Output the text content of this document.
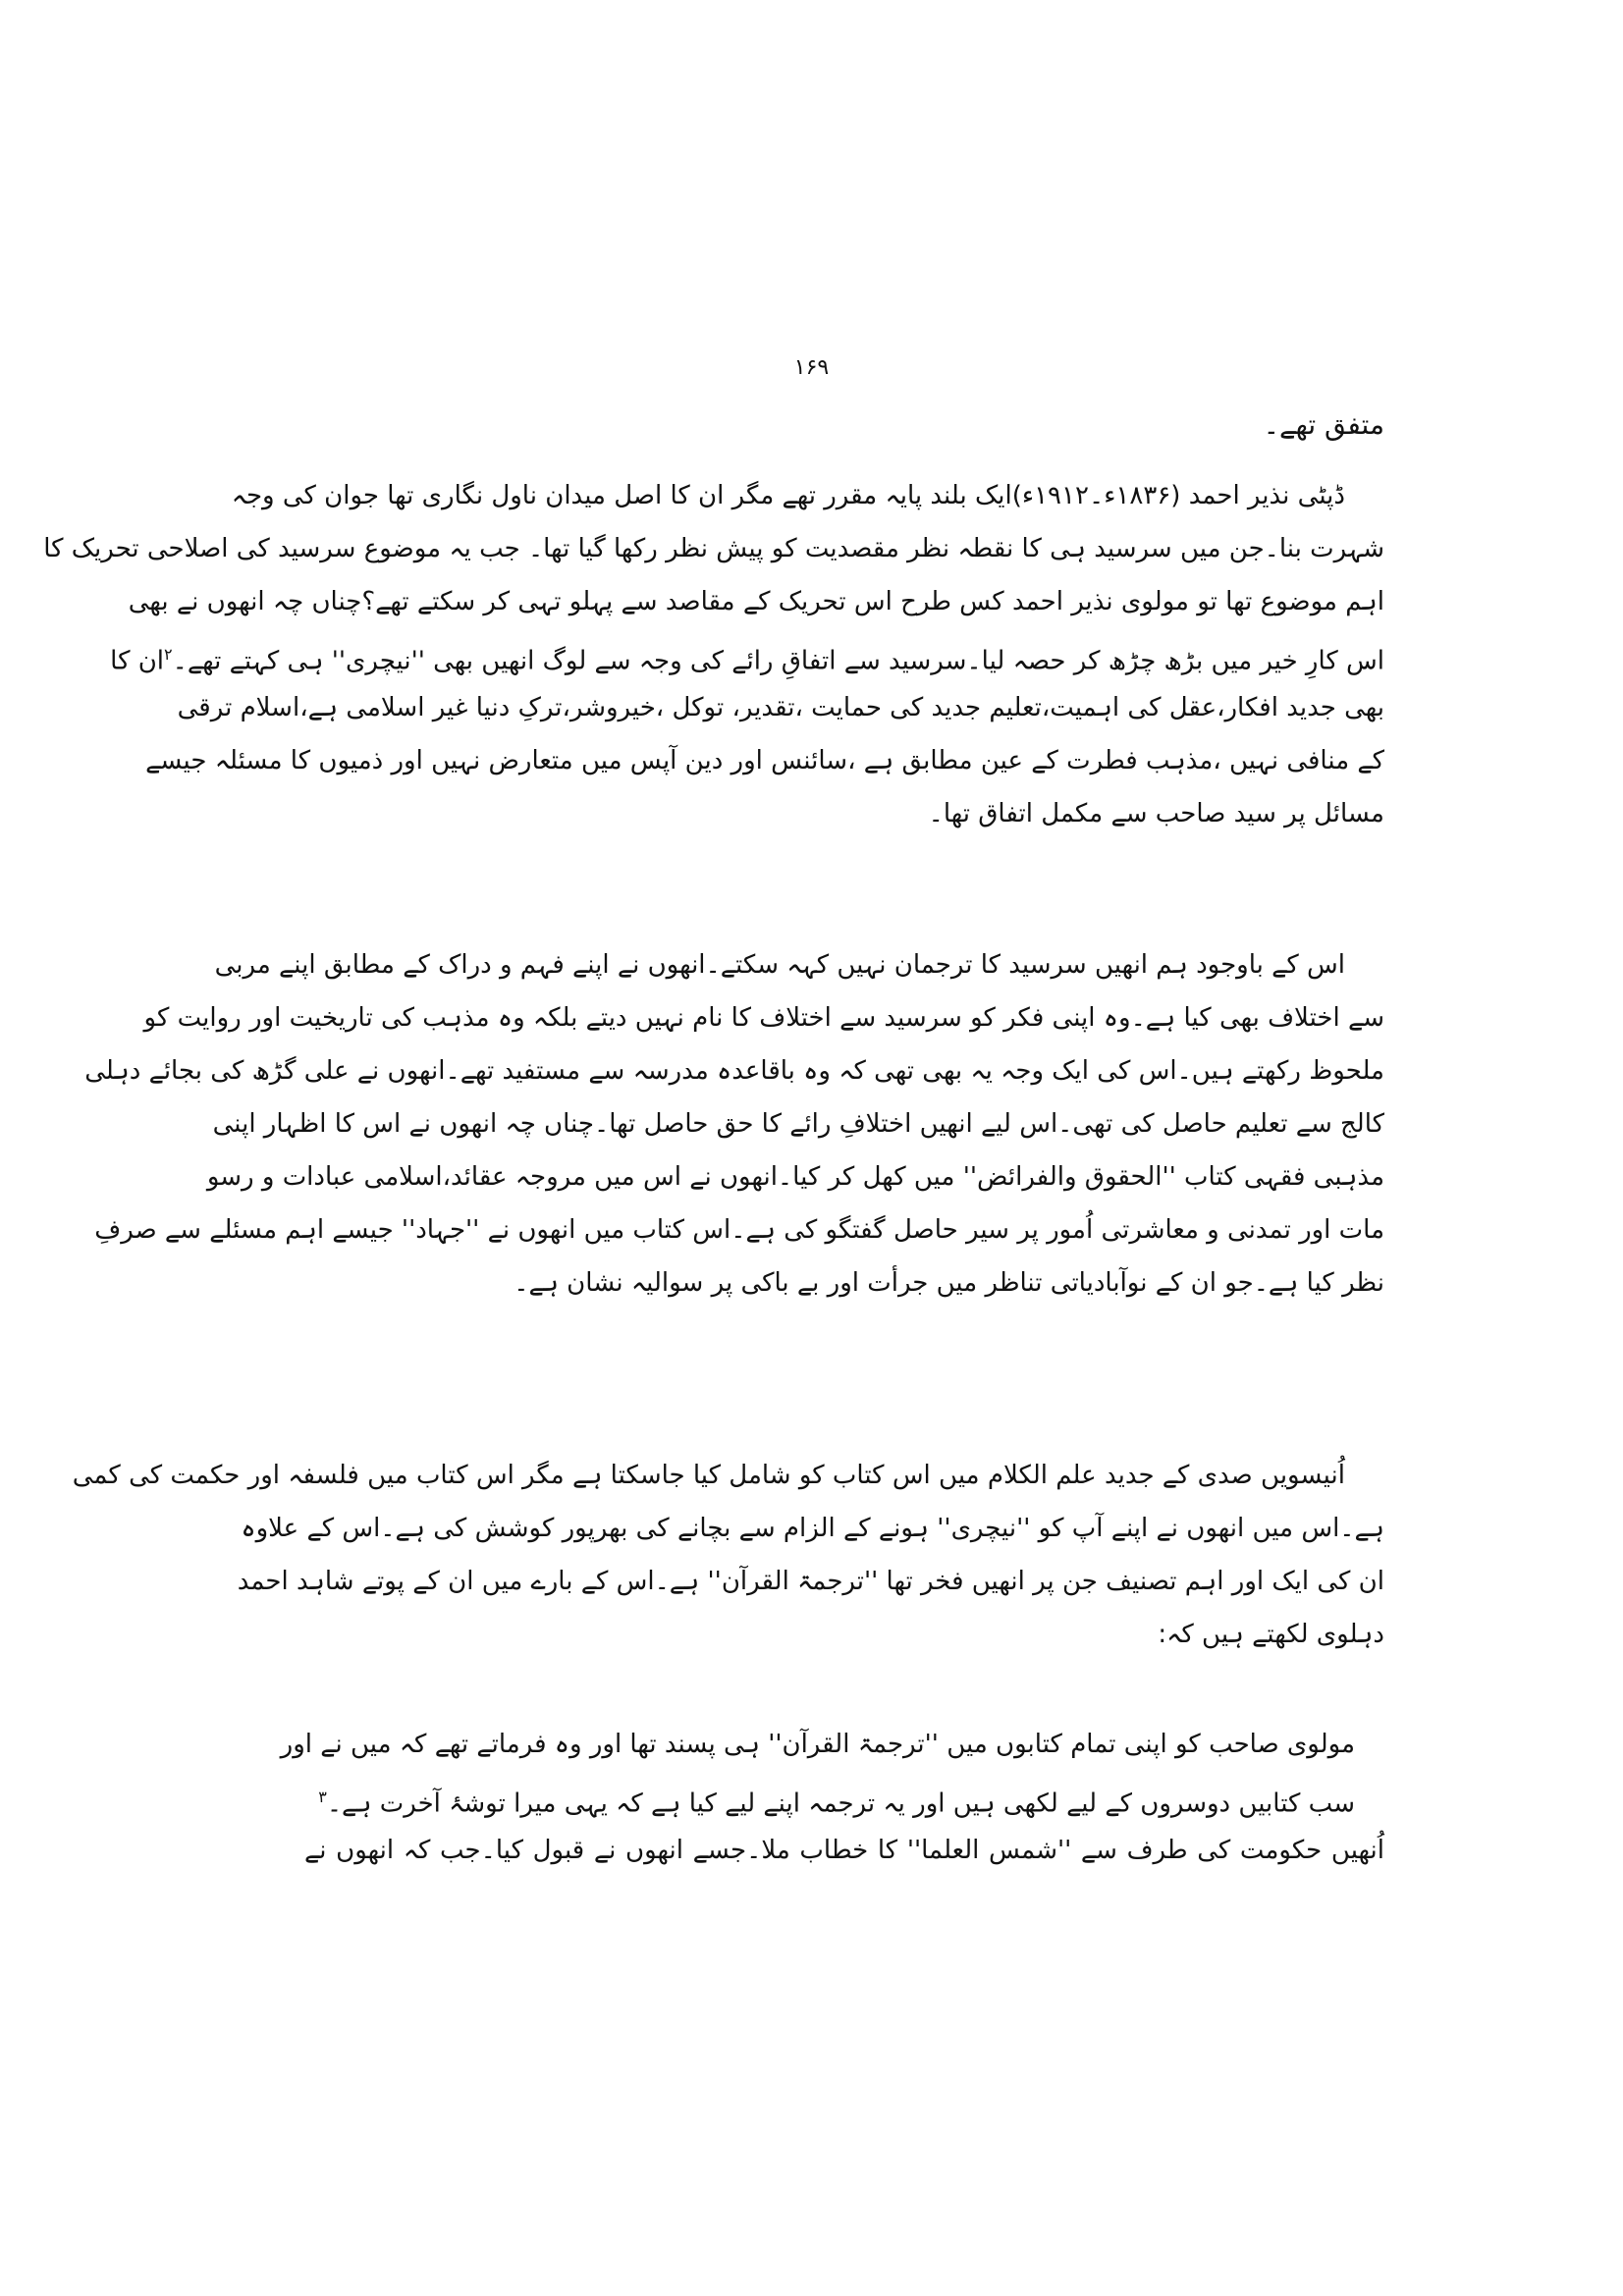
۱۶۹
متفق تھے۔
ڈپٹی نذیر احمد (۱۸۳۶ء۔۱۹۱۲ء)ایک بلند پایہ مقرر تھے مگر ان کا اصل میدان ناول نگاری تھا جوان کی وجہ
شہرت بنا۔جن میں سرسید ہی کا نقطہ نظر مقصدیت کو پیش نظر رکھا گیا تھا۔ جب یہ موضوع سرسید کی اصلاحی تحریک کا
اہم موضوع تھا تو مولوی نذیر احمد کس طرح اس تحریک کے مقاصد سے پہلو تہی کر سکتے تھے؟چناں چہ انھوں نے بھی
اس کارِ خیر میں بڑھ چڑھ کر حصہ لیا۔سرسید سے اتفاقِ رائے کی وجہ سے لوگ انھیں بھی ''نیچری'' ہی کہتے تھے۔$^۲$ان کا
بھی جدید افکار،عقل کی اہمیت،تعلیم جدید کی حمایت ،تقدیر، توکل ،خیروشر،ترکِ دنیا غیر اسلامی ہے،اسلام ترقی
کے منافی نہیں ،مذہب فطرت کے عین مطابق ہے ،سائنس اور دین آپس میں متعارض نہیں اور ذمیوں کا مسئلہ جیسے
مسائل پر سید صاحب سے مکمل اتفاق تھا۔
اس کے باوجود ہم انھیں سرسید کا ترجمان نہیں کہہ سکتے۔انھوں نے اپنے فہم و دراک کے مطابق اپنے مربی
سے اختلاف بھی کیا ہے۔وہ اپنی فکر کو سرسید سے اختلاف کا نام نہیں دیتے بلکہ وہ مذہب کی تاریخیت اور روایت کو
ملحوظ رکھتے ہیں۔اس کی ایک وجہ یہ بھی تھی کہ وہ باقاعدہ مدرسہ سے مستفید تھے۔انھوں نے علی گڑھ کی بجائے دہلی
کالج سے تعلیم حاصل کی تھی۔اس لیے انھیں اختلافِ رائے کا حق حاصل تھا۔چناں چہ انھوں نے اس کا اظہار اپنی
مذہبی فقہی کتاب ''الحقوق والفرائض'' میں کھل کر کیا۔انھوں نے اس میں مروجہ عقائد،اسلامی عبادات و رسو
مات اور تمدنی و معاشرتی اُمور پر سیر حاصل گفتگو کی ہے۔اس کتاب میں انھوں نے ''جہاد'' جیسے اہم مسئلے سے صرفِ
نظر کیا ہے۔جو ان کے نوآبادیاتی تناظر میں جرأت اور بے باکی پر سوالیہ نشان ہے۔
اُنیسویں صدی کے جدید علم الکلام میں اس کتاب کو شامل کیا جاسکتا ہے مگر اس کتاب میں فلسفہ اور حکمت کی کمی
ہے۔اس میں انھوں نے اپنے آپ کو ''نیچری'' ہونے کے الزام سے بچانے کی بھرپور کوشش کی ہے۔اس کے علاوہ
ان کی ایک اور اہم تصنیف جن پر انھیں فخر تھا ''ترجمۃ القرآن'' ہے۔اس کے بارے میں ان کے پوتے شاہد احمد
دہلوی لکھتے ہیں کہ:
مولوی صاحب کو اپنی تمام کتابوں میں ''ترجمۃ القرآن'' ہی پسند تھا اور وہ فرماتے تھے کہ میں نے اور
سب کتابیں دوسروں کے لیے لکھی ہیں اور یہ ترجمہ اپنے لیے کیا ہے کہ یہی میرا توشۂ آخرت ہے۔$^۳$
اُنھیں حکومت کی طرف سے ''شمس العلما'' کا خطاب ملا۔جسے انھوں نے قبول کیا۔جب کہ انھوں نے
